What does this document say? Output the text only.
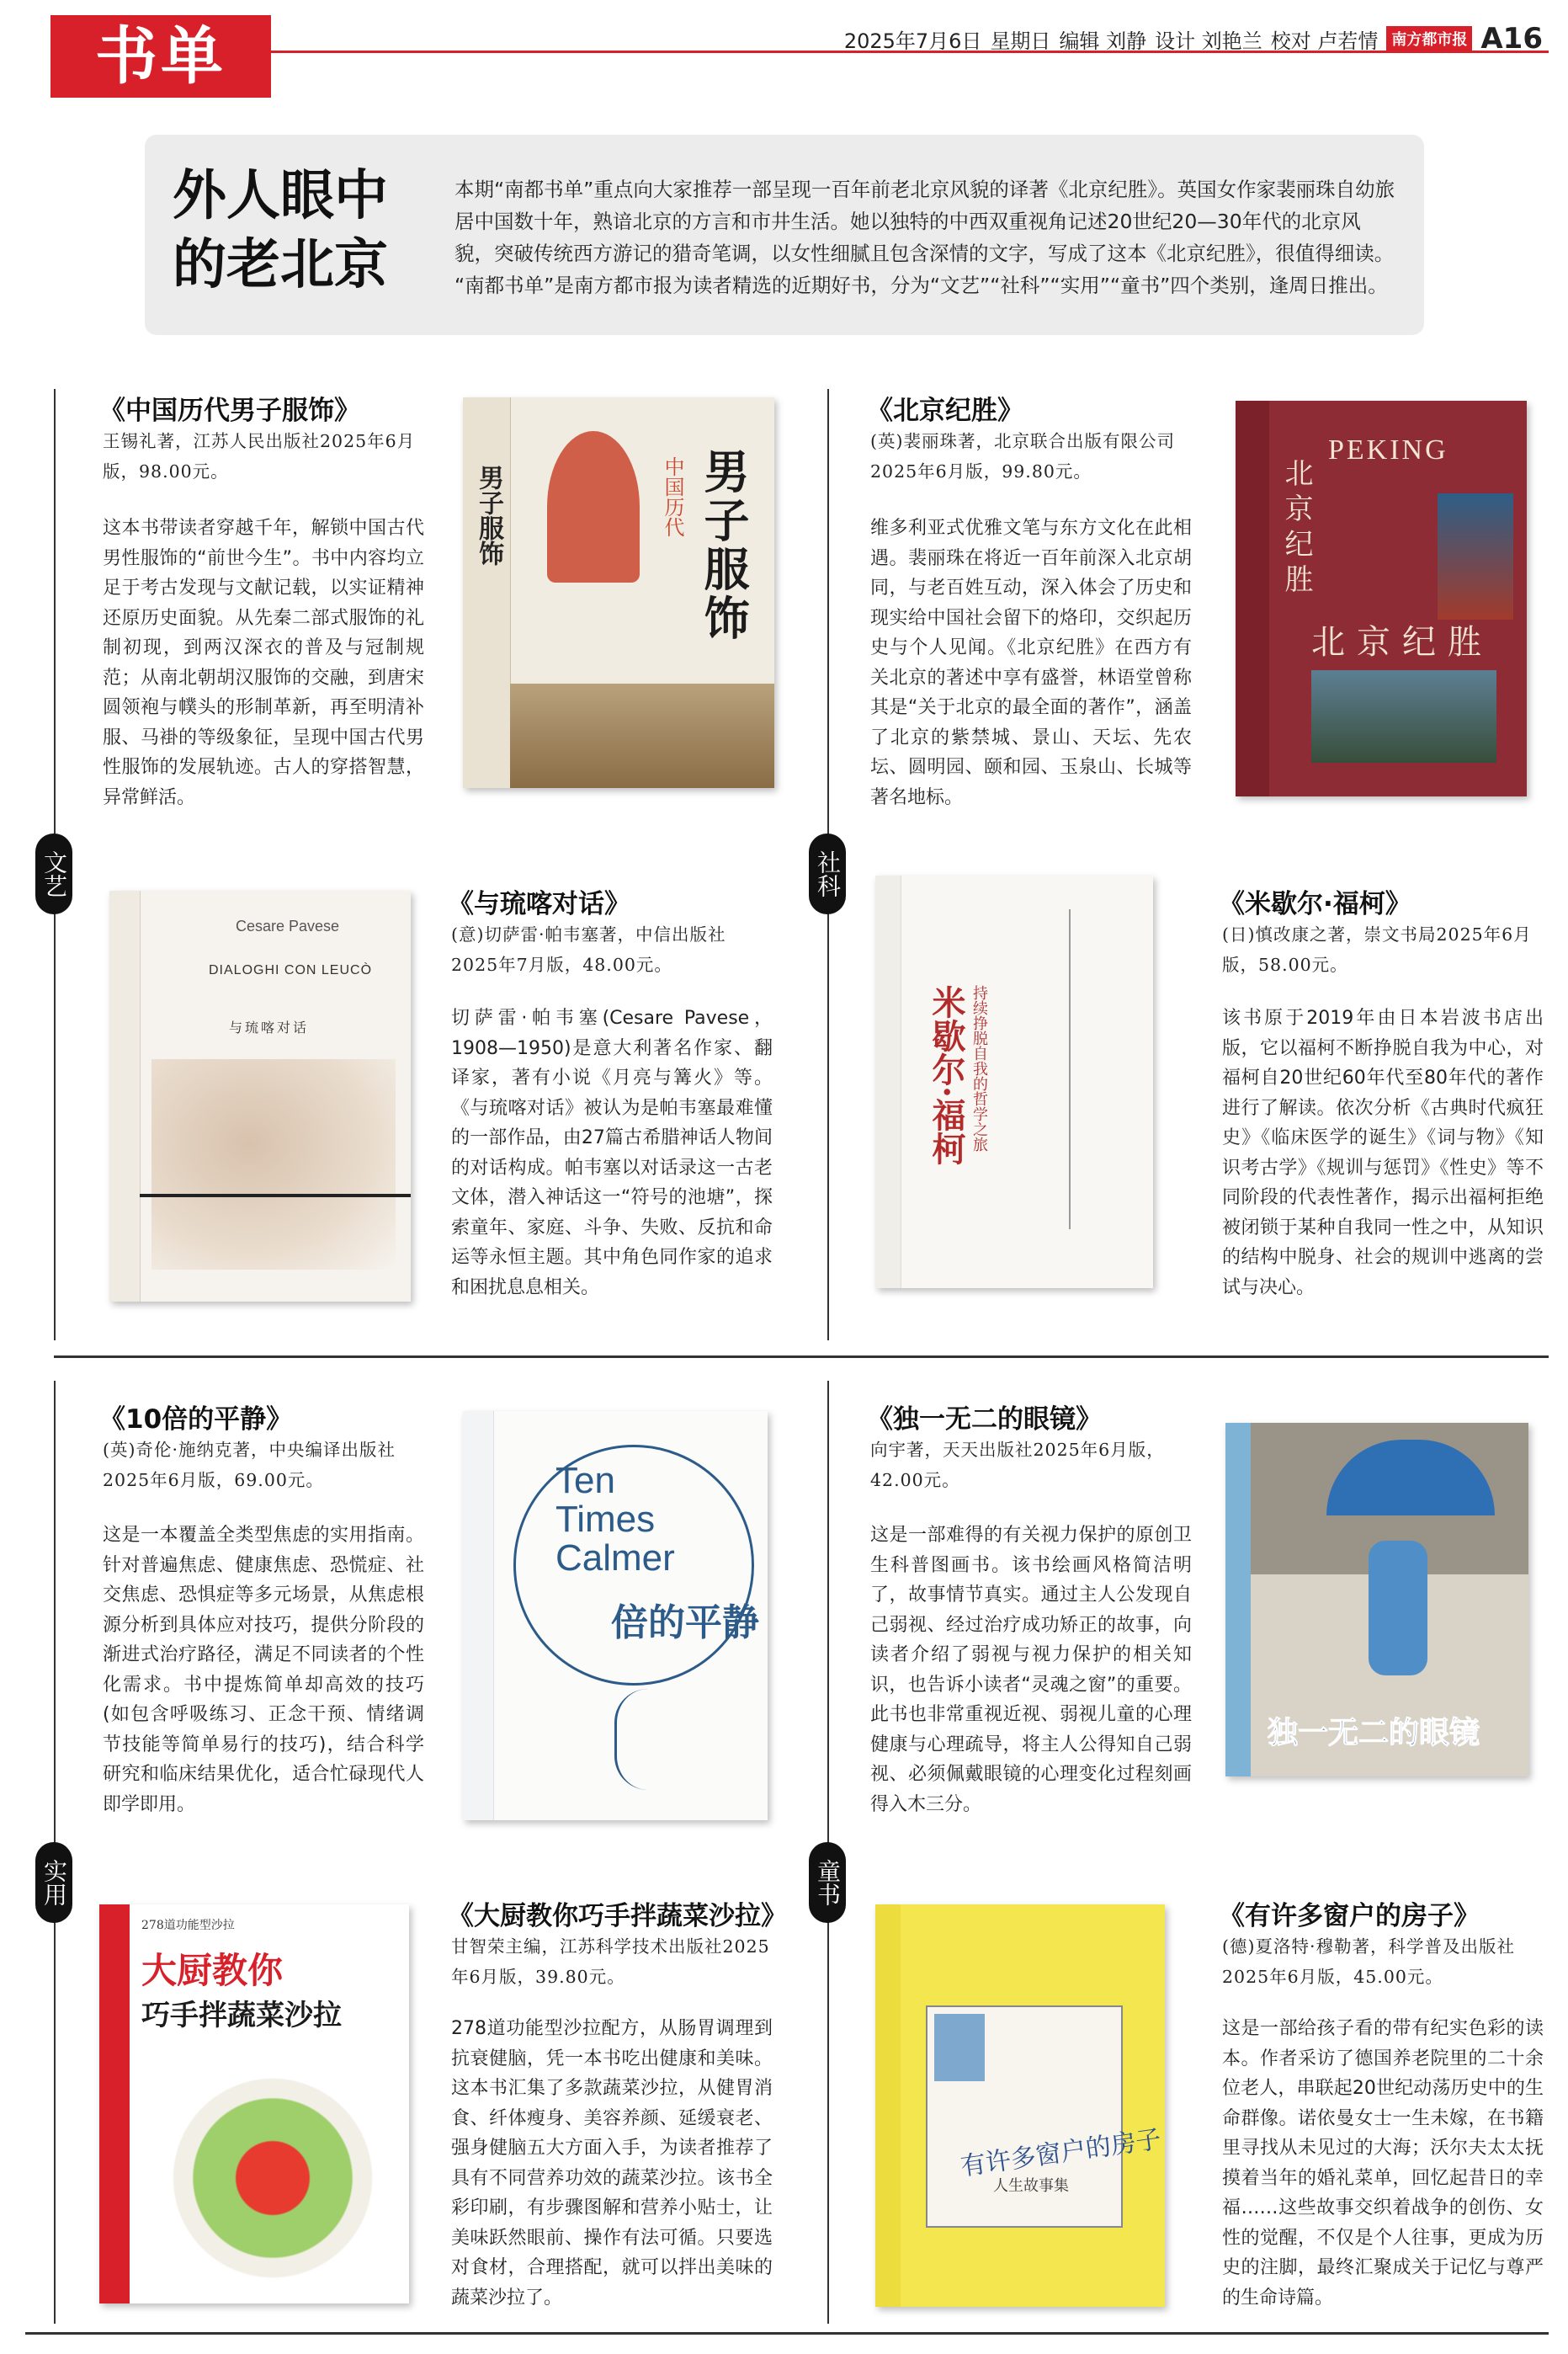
书单	2025年7月6日 星期日 编辑 刘静 设计 刘艳兰 校对 卢若情 南方都市报 A16
外人眼中
的老北京

本期“南都书单”重点向大家推荐一部呈现一百年前老北京风貌的译著《北京纪胜》。英国女作家裴丽珠自幼旅居中国数十年，熟谙北京的方言和市井生活。她以独特的中西双重视角记述20世纪20—30年代的北京风貌，突破传统西方游记的猎奇笔调，以女性细腻且包含深情的文字，写成了这本《北京纪胜》，很值得细读。

“南都书单”是南方都市报为读者精选的近期好书，分为“文艺”“社科”“实用”“童书”四个类别，逢周日推出。

文艺	社科
实用	童书
《中国历代男子服饰》
王锡礼著，江苏人民出版社2025年6月版，98.00元。
这本书带读者穿越千年，解锁中国古代男性服饰的“前世今生”。书中内容均立足于考古发现与文献记载，以实证精神还原历史面貌。从先秦二部式服饰的礼制初现，到两汉深衣的普及与冠制规范；从南北朝胡汉服饰的交融，到唐宋圆领袍与幞头的形制革新，再至明清补服、马褂的等级象征，呈现中国古代男性服饰的发展轨迹。古人的穿搭智慧，异常鲜活。
男子服饰	中国历代 男子服饰
《北京纪胜》
(英)裴丽珠著，北京联合出版有限公司2025年6月版，99.80元。
维多利亚式优雅文笔与东方文化在此相遇。裴丽珠在将近一百年前深入北京胡同，与老百姓互动，深入体会了历史和现实给中国社会留下的烙印，交织起历史与个人见闻。《北京纪胜》在西方有关北京的著述中享有盛誉，林语堂曾称其是“关于北京的最全面的著作”，涵盖了北京的紫禁城、景山、天坛、先农坛、圆明园、颐和园、玉泉山、长城等著名地标。
北京纪胜
PEKING
北京纪胜
Cesare Pavese
DIALOGHI CON LEUCÒ
与琉喀对话
《与琉喀对话》
(意)切萨雷·帕韦塞著，中信出版社2025年7月版，48.00元。
切萨雷·帕韦塞(Cesare Pavese，1908—1950)是意大利著名作家、翻译家，著有小说《月亮与篝火》等。《与琉喀对话》被认为是帕韦塞最难懂的一部作品，由27篇古希腊神话人物间的对话构成。帕韦塞以对话录这一古老文体，潜入神话这一“符号的池塘”，探索童年、家庭、斗争、失败、反抗和命运等永恒主题。其中角色同作家的追求和困扰息息相关。
米歇尔·福柯 持续挣脱自我的哲学之旅
《米歇尔·福柯》
(日)慎改康之著，崇文书局2025年6月版，58.00元。
该书原于2019年由日本岩波书店出版，它以福柯不断挣脱自我为中心，对福柯自20世纪60年代至80年代的著作进行了解读。依次分析《古典时代疯狂史》《临床医学的诞生》《词与物》《知识考古学》《规训与惩罚》《性史》等不同阶段的代表性著作，揭示出福柯拒绝被闭锁于某种自我同一性之中，从知识的结构中脱身、社会的规训中逃离的尝试与决心。
《10倍的平静》
(英)奇伦·施纳克著，中央编译出版社2025年6月版，69.00元。
这是一本覆盖全类型焦虑的实用指南。针对普遍焦虑、健康焦虑、恐慌症、社交焦虑、恐惧症等多元场景，从焦虑根源分析到具体应对技巧，提供分阶段的渐进式治疗路径，满足不同读者的个性化需求。书中提炼简单却高效的技巧(如包含呼吸练习、正念干预、情绪调节技能等简单易行的技巧)，结合科学研究和临床结果优化，适合忙碌现代人即学即用。
Ten
Times
Calmer
倍的平静
《独一无二的眼镜》
向宇著，天天出版社2025年6月版，42.00元。
这是一部难得的有关视力保护的原创卫生科普图画书。该书绘画风格简洁明了，故事情节真实。通过主人公发现自己弱视、经过治疗成功矫正的故事，向读者介绍了弱视与视力保护的相关知识，也告诉小读者“灵魂之窗”的重要。此书也非常重视近视、弱视儿童的心理健康与心理疏导，将主人公得知自己弱视、必须佩戴眼镜的心理变化过程刻画得入木三分。
独一无二的眼镜
278道功能型沙拉
大厨教你
巧手拌蔬菜沙拉
《大厨教你巧手拌蔬菜沙拉》
甘智荣主编，江苏科学技术出版社2025年6月版，39.80元。
278道功能型沙拉配方，从肠胃调理到抗衰健脑，凭一本书吃出健康和美味。这本书汇集了多款蔬菜沙拉，从健胃消食、纤体瘦身、美容养颜、延缓衰老、强身健脑五大方面入手，为读者推荐了具有不同营养功效的蔬菜沙拉。该书全彩印刷，有步骤图解和营养小贴士，让美味跃然眼前、操作有法可循。只要选对食材，合理搭配，就可以拌出美味的蔬菜沙拉了。
有许多窗户的房子
人生故事集
《有许多窗户的房子》
(德)夏洛特·穆勒著，科学普及出版社2025年6月版，45.00元。
这是一部给孩子看的带有纪实色彩的读本。作者采访了德国养老院里的二十余位老人，串联起20世纪动荡历史中的生命群像。诺依曼女士一生未嫁，在书籍里寻找从未见过的大海；沃尔夫太太抚摸着当年的婚礼菜单，回忆起昔日的幸福……这些故事交织着战争的创伤、女性的觉醒，不仅是个人往事，更成为历史的注脚，最终汇聚成关于记忆与尊严的生命诗篇。
